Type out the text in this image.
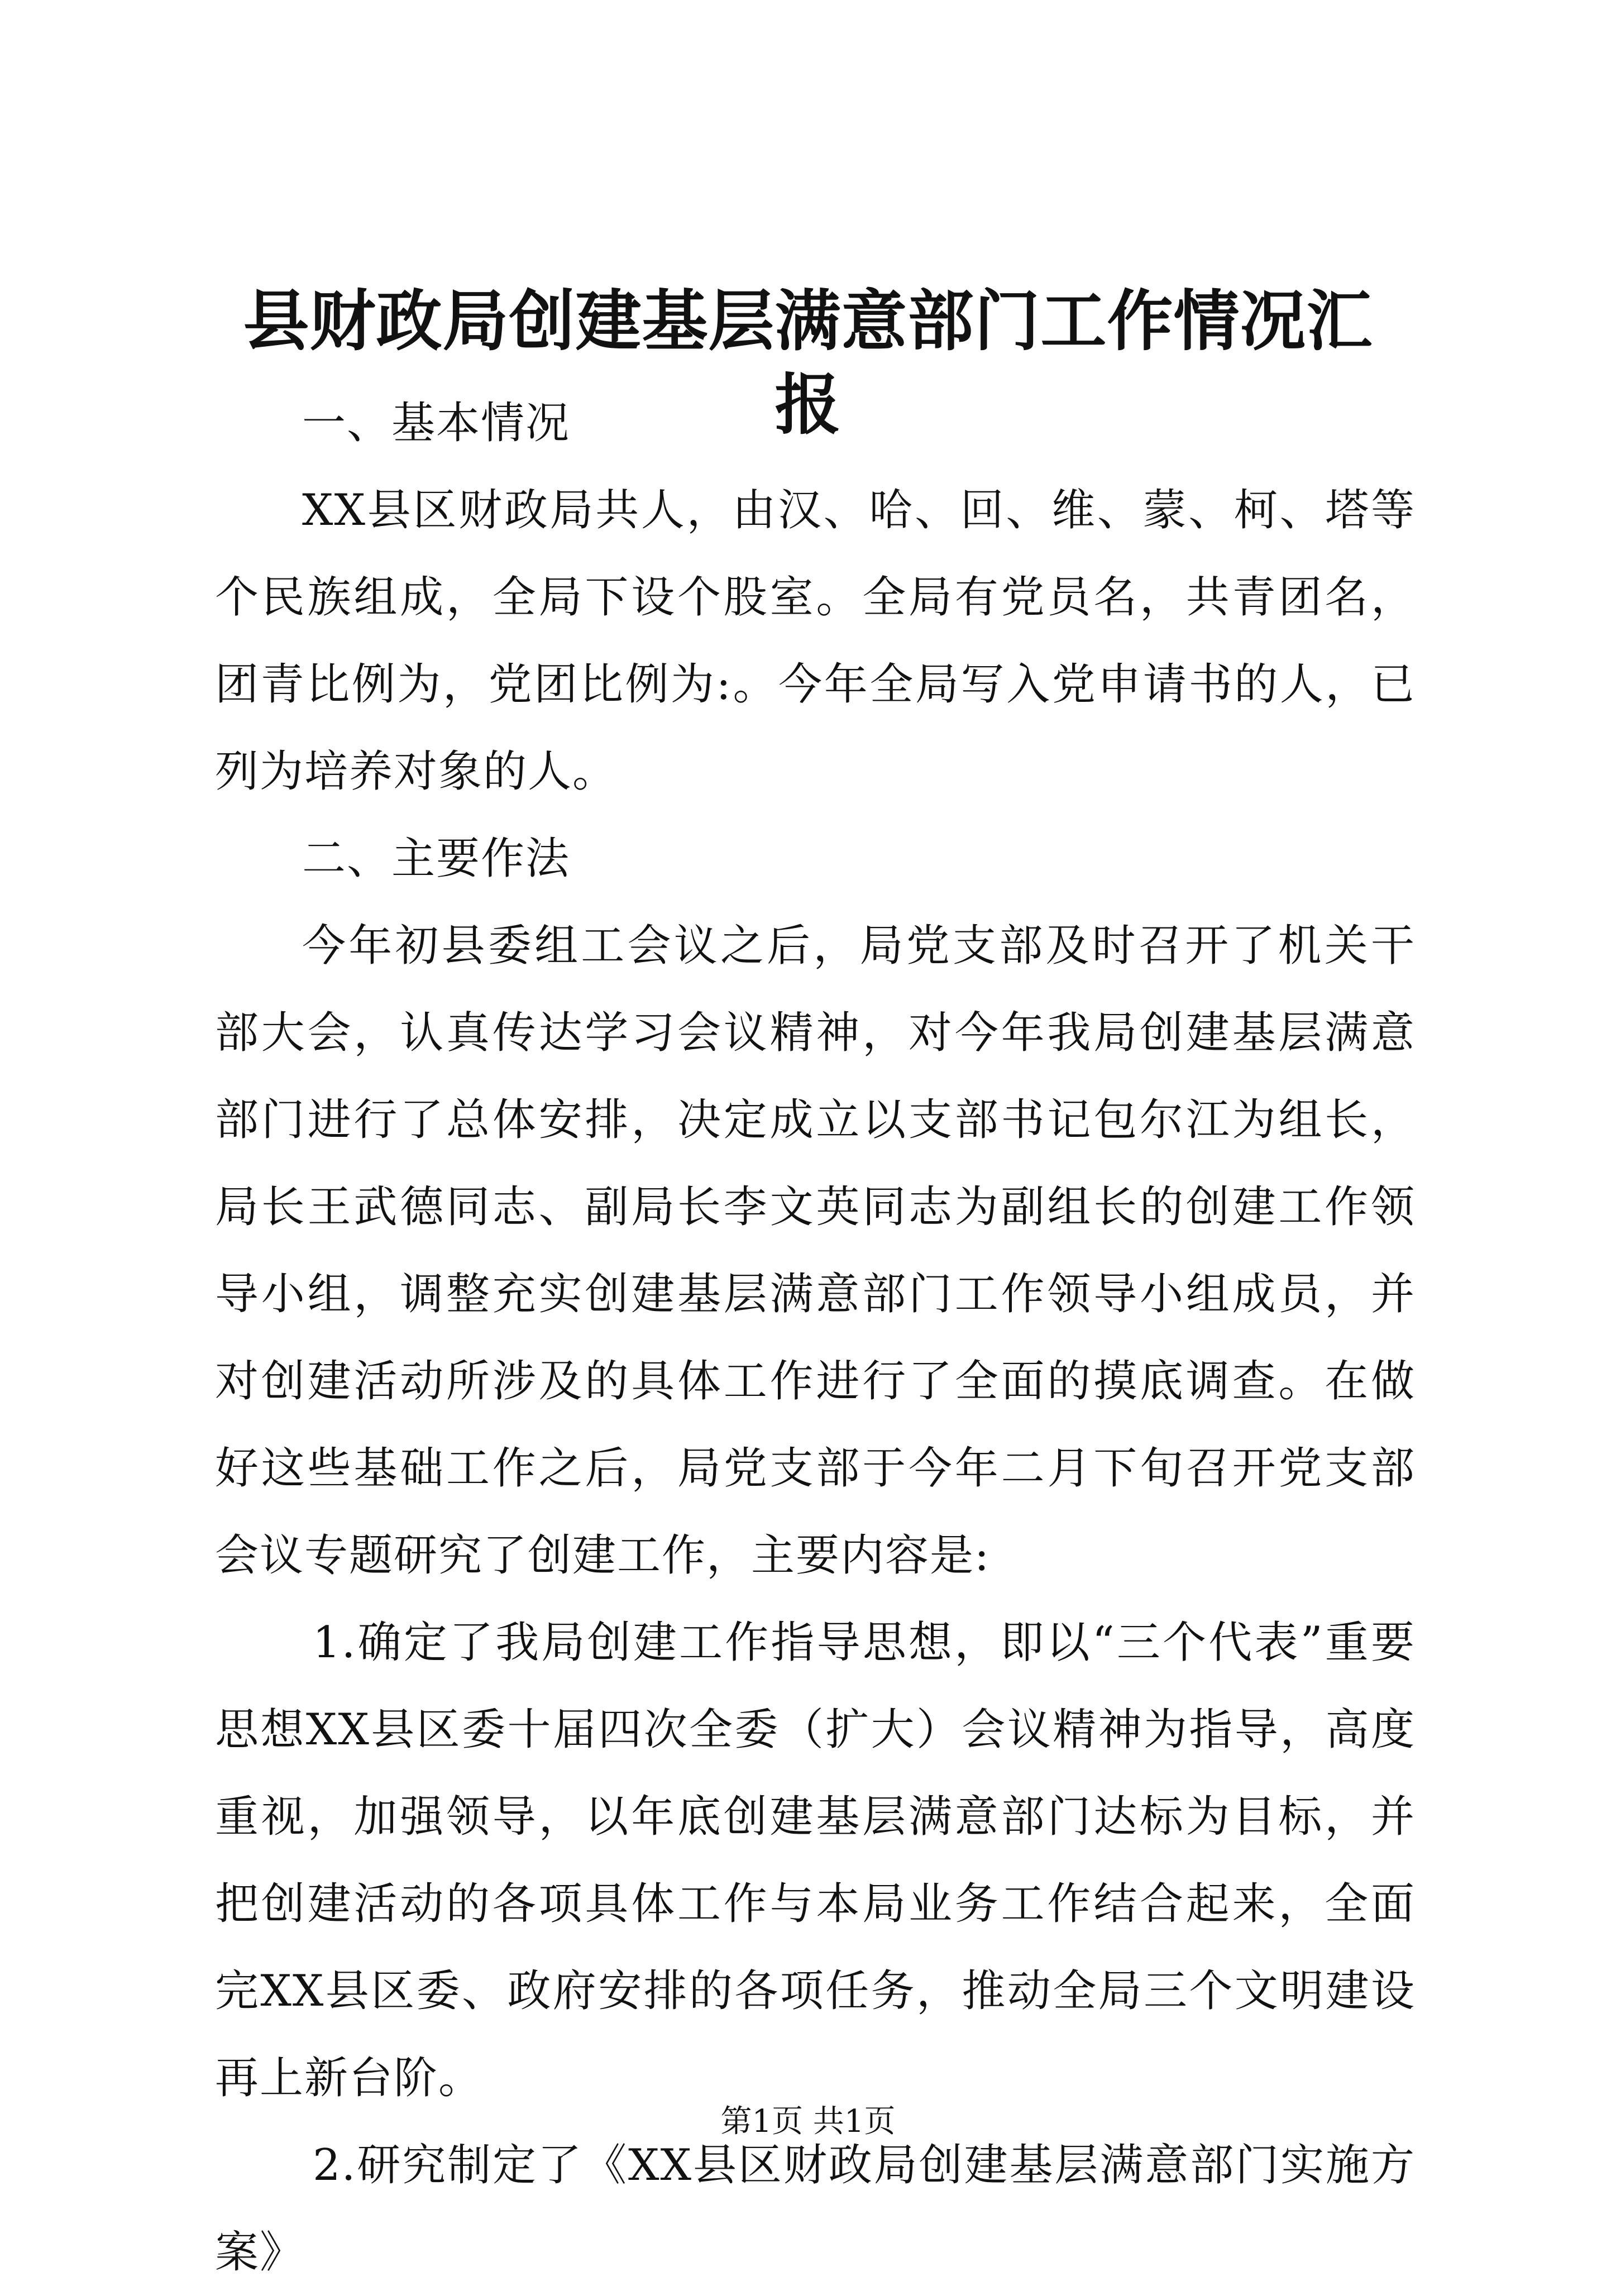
县财政局创建基层满意部门工作情况汇报

一、基本情况

XX县区财政局共人，由汉、哈、回、维、蒙、柯、塔等个民族组成，全局下设个股室。全局有党员名，共青团名，团青比例为，党团比例为:。今年全局写入党申请书的人，已列为培养对象的人。

二、主要作法

今年初县委组工会议之后，局党支部及时召开了机关干部大会，认真传达学习会议精神，对今年我局创建基层满意部门进行了总体安排，决定成立以支部书记包尔江为组长，局长王武德同志、副局长李文英同志为副组长的创建工作领导小组，调整充实创建基层满意部门工作领导小组成员，并对创建活动所涉及的具体工作进行了全面的摸底调查。在做好这些基础工作之后，局党支部于今年二月下旬召开党支部会议专题研究了创建工作，主要内容是:

1.确定了我局创建工作指导思想，即以“三个代表”重要思想XX县区委十届四次全委（扩大）会议精神为指导，高度重视，加强领导，以年底创建基层满意部门达标为目标，并把创建活动的各项具体工作与本局业务工作结合起来，全面完XX县区委、政府安排的各项任务，推动全局三个文明建设再上新台阶。

2.研究制定了《XX县区财政局创建基层满意部门实施方案》

第1页 共1页
